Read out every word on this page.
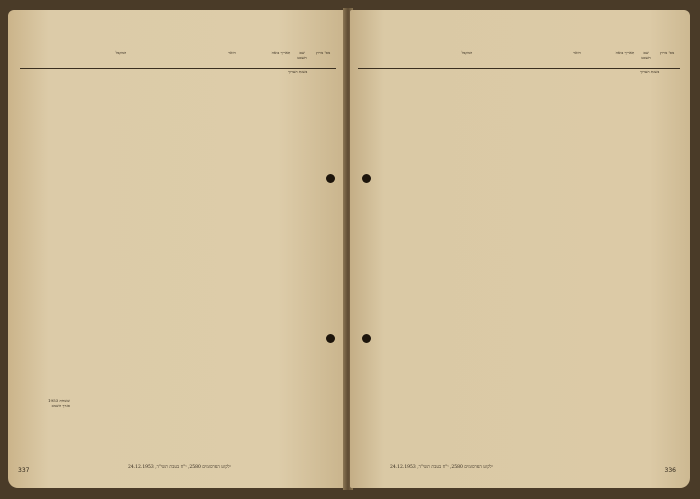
מס' מרוץ
שם השבט
תאריך בואה
היאר
המקבל
בשנת הערוך
ששחת 1953
סגרך השמכ
337	ילקוט הפרסומים 2580, י"ח בטבת תשי"ד, 24.12.1953
מס' מרוץ
שם השבט
תאריך בואה
היאר
המקבל
בשנת הערוך
336
ילקוט הפרסומים 2580, י"ח בטבת תשי"ד, 24.12.1953
